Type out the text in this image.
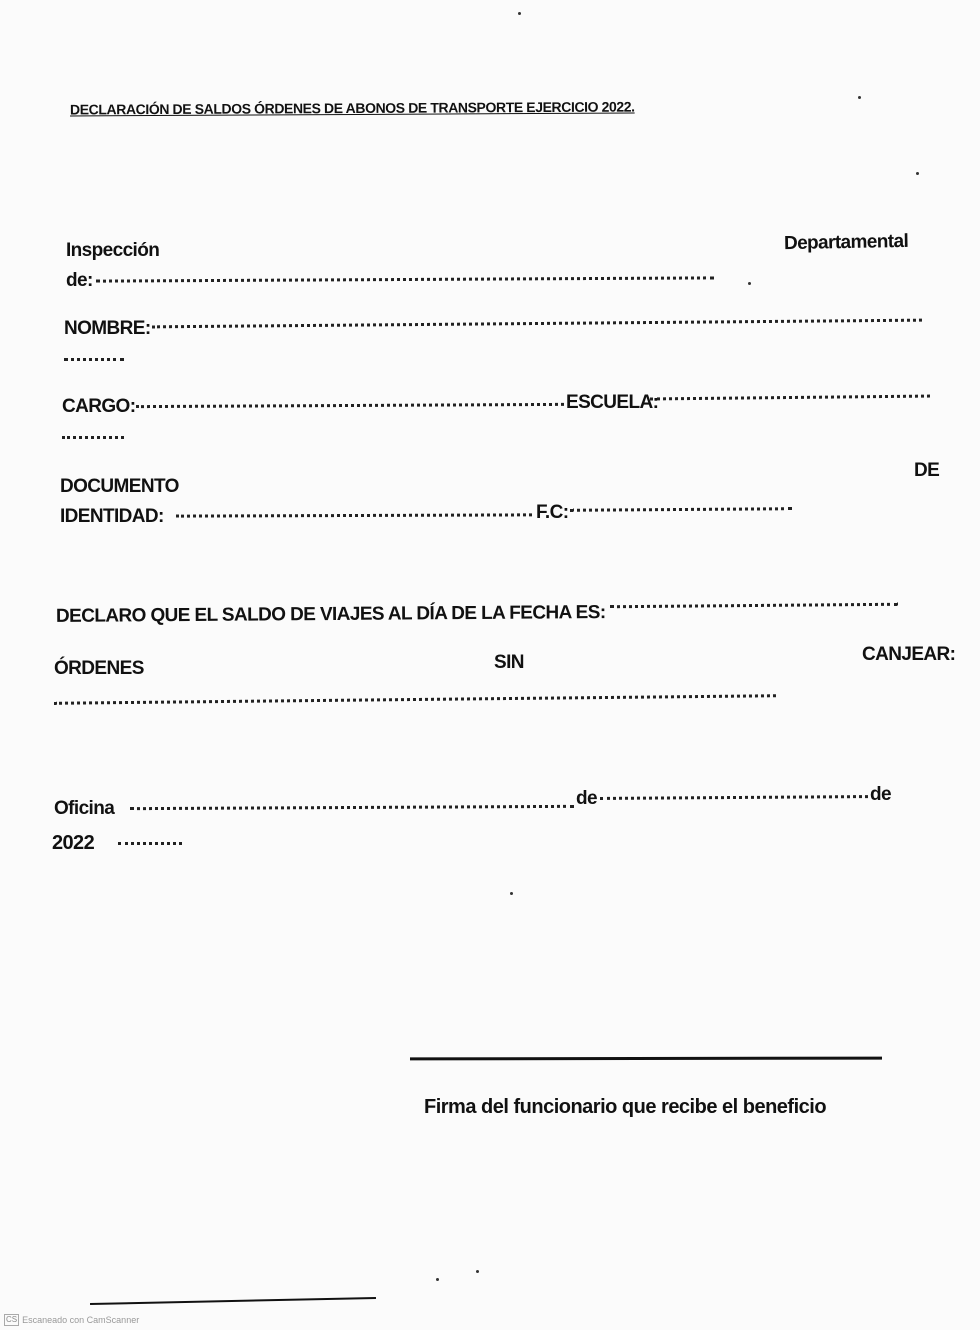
DECLARACIÓN DE SALDOS ÓRDENES DE ABONOS DE TRANSPORTE EJERCICIO 2022.
Inspección	Departamental
de:
NOMBRE:
CARGO:	ESCUELA:
DOCUMENTO
DE
IDENTIDAD:	F.C:
DECLARO QUE EL SALDO DE VIAJES AL DÍA DE LA FECHA ES:
ÓRDENES	SIN	CANJEAR:
Oficina	de	de
2022
Firma del funcionario que recibe el beneficio
CS Escaneado con CamScanner
